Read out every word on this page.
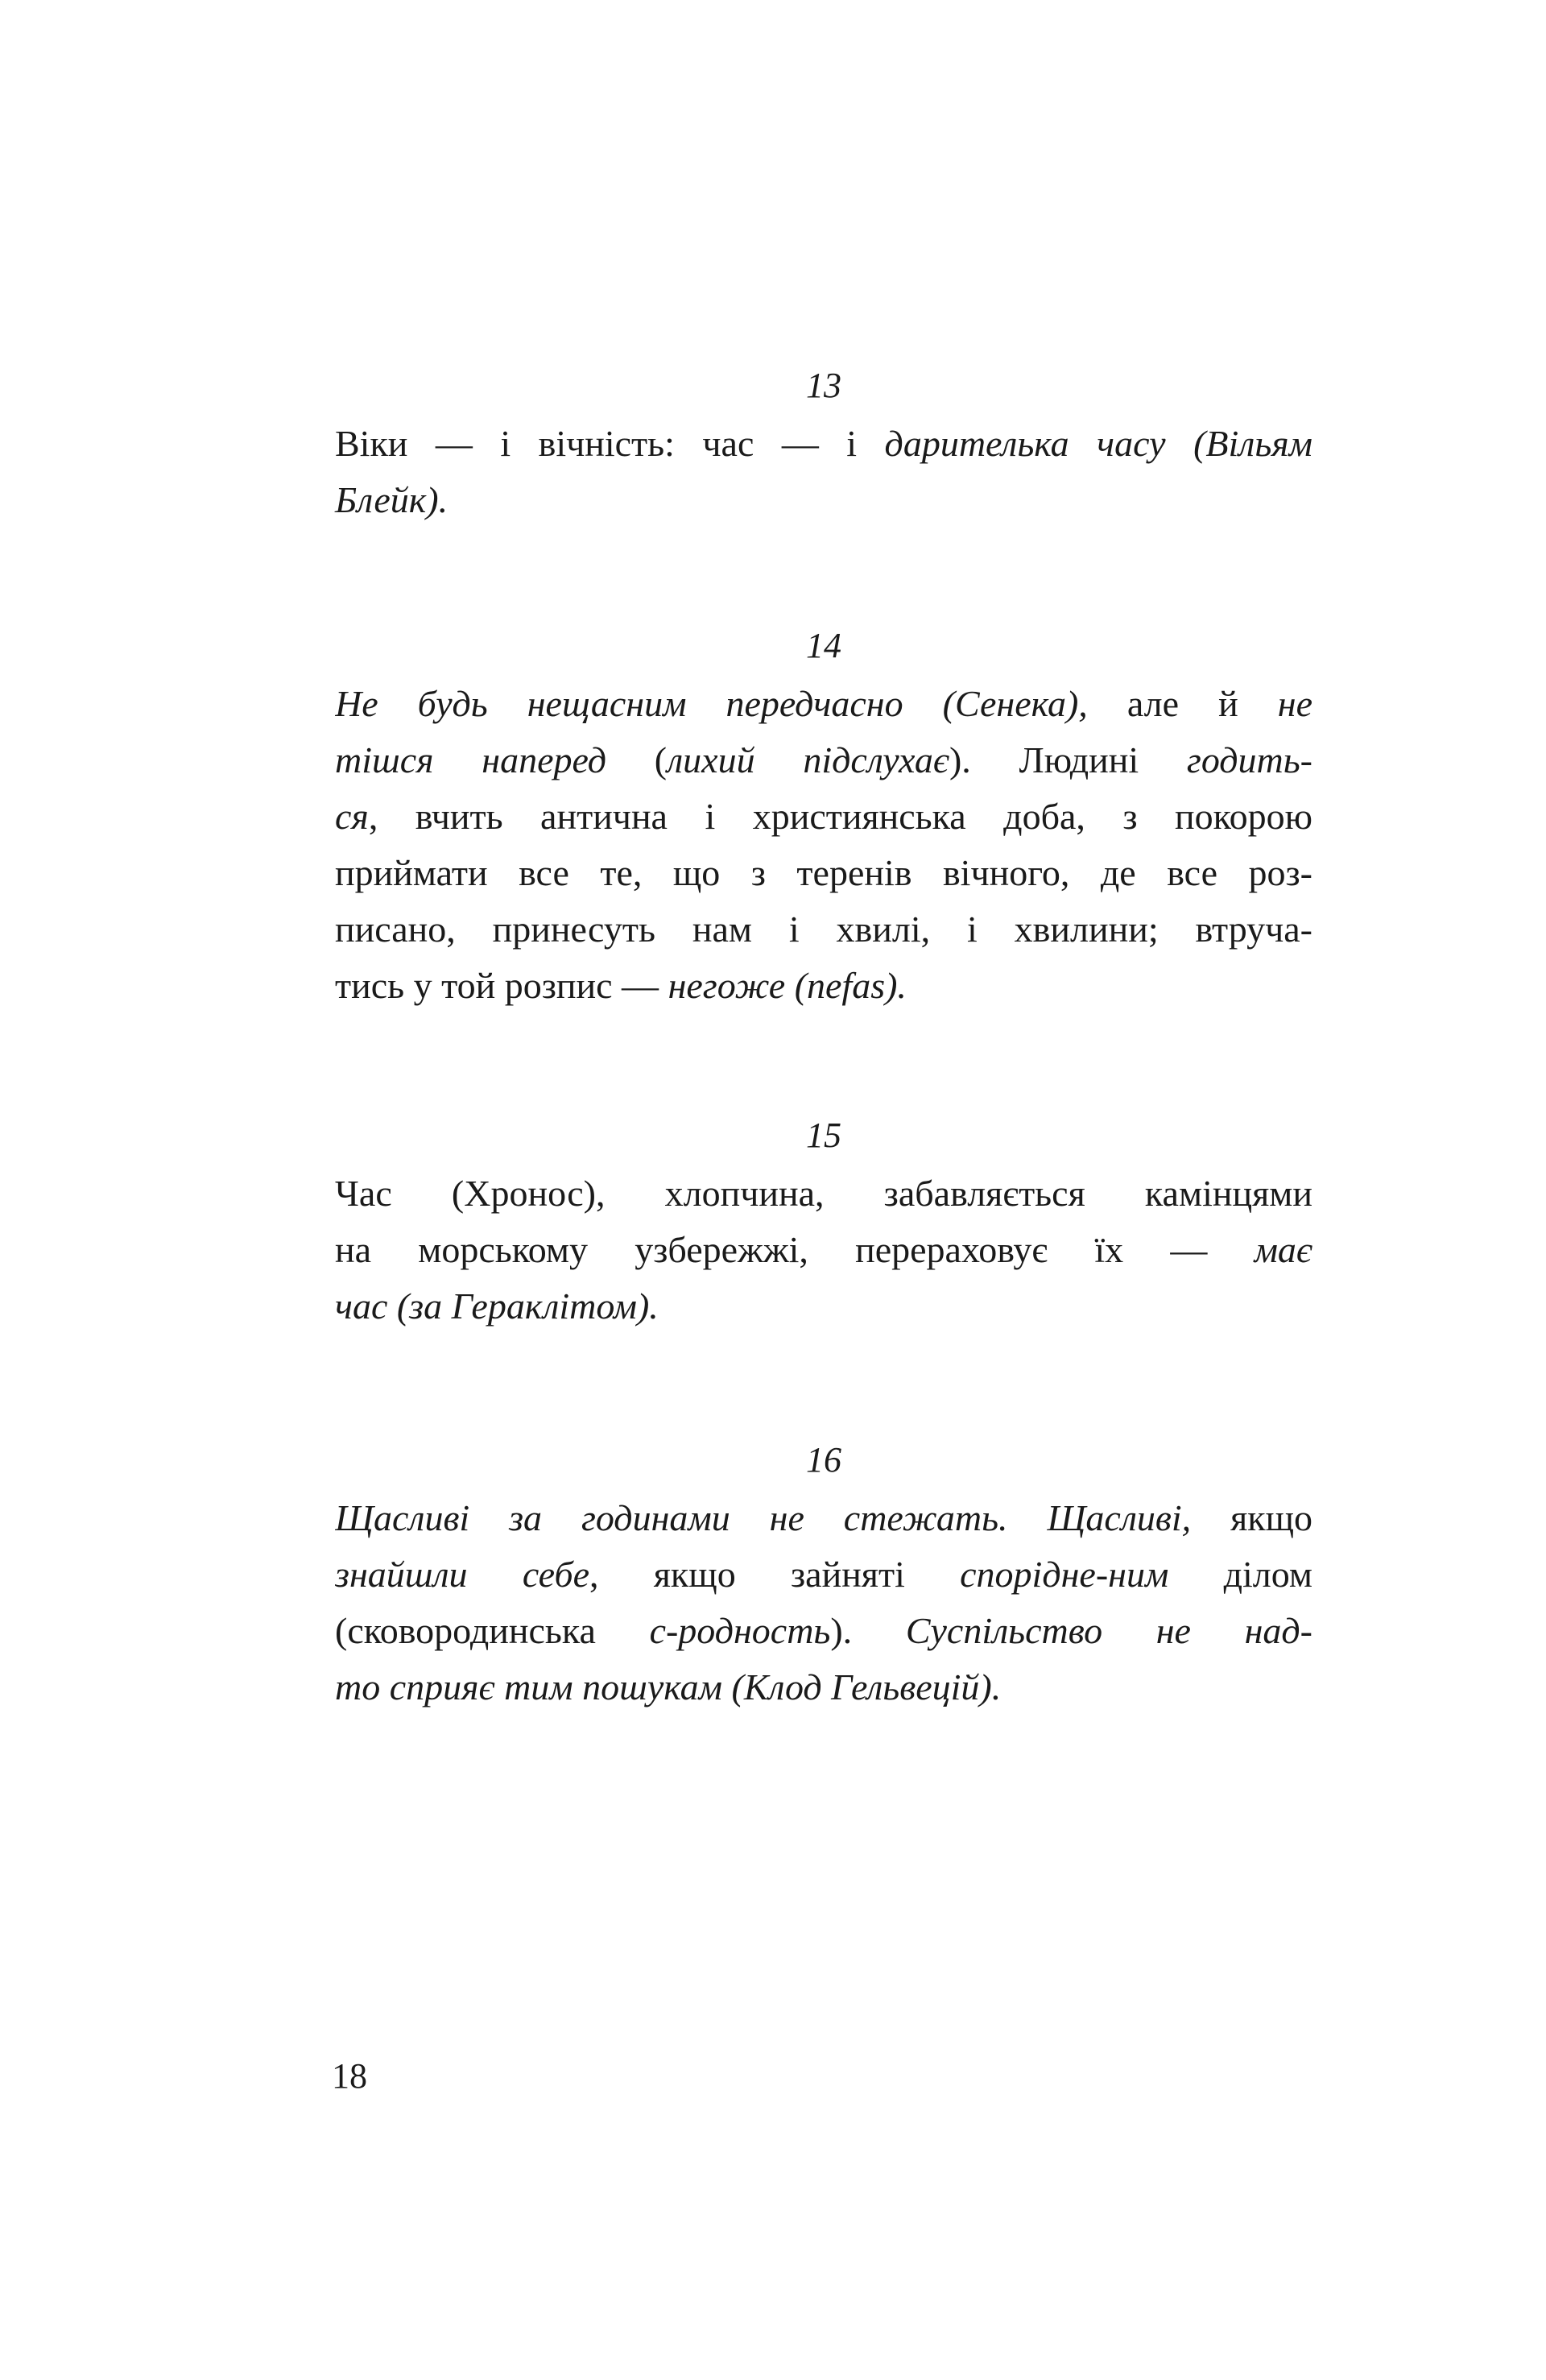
13
Віки — і вічність: час — і дарителька часу (Вільям
Блейк).
14
Не будь нещасним передчасно (Сенека), але й не
тішся наперед (лихий підслухає). Людині годить-
ся, вчить антична і християнська доба, з покорою
приймати все те, що з теренів вічного, де все роз-
писано, принесуть нам і хвилі, і хвилини; втруча-
тись у той розпис — негоже (nefas).
15
Час (Хронос), хлопчина, забавляється камінцями
на морському узбережжі, перераховує їх — має
час (за Гераклітом).
16
Щасливі за годинами не стежать. Щасливі, якщо
знайшли себе, якщо зайняті споріднe-ним ділом
(сковородинська с-родность). Суспільство не над-
то сприяє тим пошукам (Клод Гельвецій).
18
